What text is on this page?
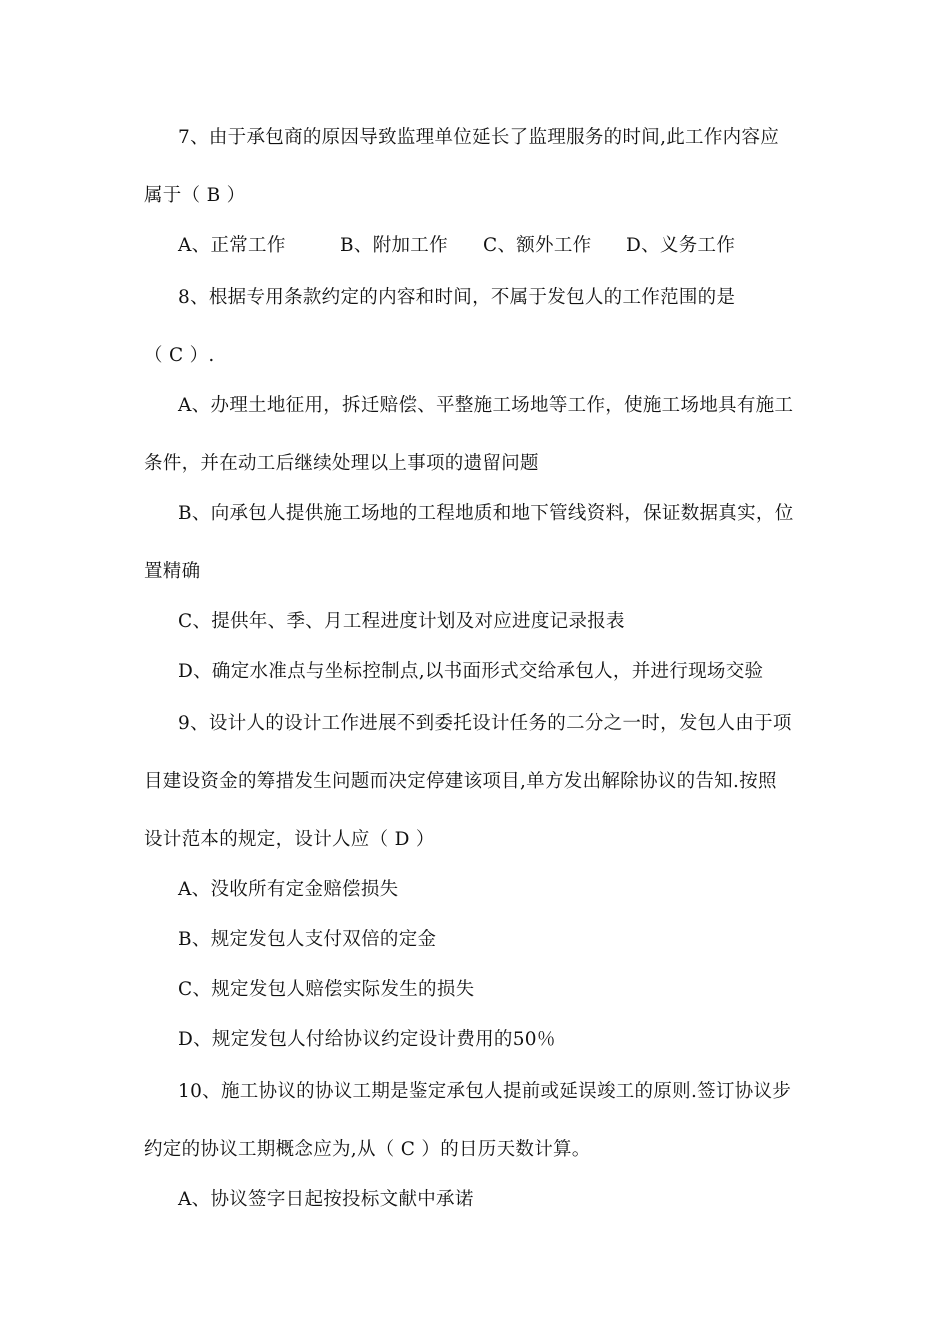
7、由于承包商的原因导致监理单位延长了监理服务的时间,此工作内容应
属于（ B ）
A、正常工作	B、附加工作 C、额外工作 D、义务工作
8、根据专用条款约定的内容和时间，不属于发包人的工作范围的是
（ C ）.
A、办理土地征用，拆迁赔偿、平整施工场地等工作，使施工场地具有施工
条件，并在动工后继续处理以上事项的遗留问题
B、向承包人提供施工场地的工程地质和地下管线资料，保证数据真实，位
置精确
C、提供年、季、月工程进度计划及对应进度记录报表
D、确定水准点与坐标控制点,以书面形式交给承包人，并进行现场交验
9、设计人的设计工作进展不到委托设计任务的二分之一时，发包人由于项
目建设资金的筹措发生问题而决定停建该项目,单方发出解除协议的告知.按照
设计范本的规定，设计人应（ D ）
A、没收所有定金赔偿损失
B、规定发包人支付双倍的定金
C、规定发包人赔偿实际发生的损失
D、规定发包人付给协议约定设计费用的50％
10、施工协议的协议工期是鉴定承包人提前或延误竣工的原则.签订协议步
约定的协议工期概念应为,从（ C ）的日历天数计算。
A、协议签字日起按投标文献中承诺
